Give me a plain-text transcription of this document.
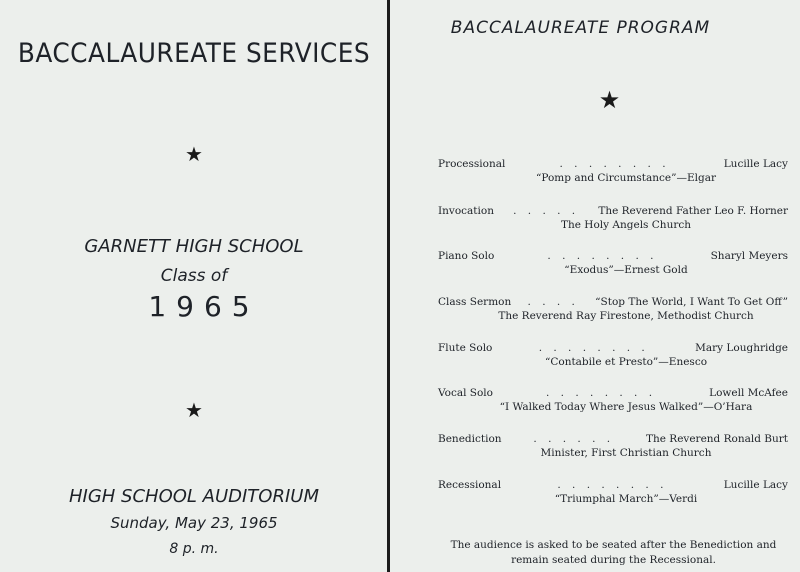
BACCALAUREATE SERVICES
★
GARNETT HIGH SCHOOL
Class of
1965
★
HIGH SCHOOL AUDITORIUM
Sunday, May 23, 1965
8 p. m.
BACCALAUREATE PROGRAM
★
Processional	. . . . . . . .	Lucille Lacy
“Pomp and Circumstance”—Elgar
Invocation	. . . . .	The Reverend Father Leo F. Horner
The Holy Angels Church
Piano Solo	. . . . . . . .	Sharyl Meyers
“Exodus”—Ernest Gold
Class Sermon	. . . .	“Stop The World, I Want To Get Off”
The Reverend Ray Firestone, Methodist Church
Flute Solo	. . . . . . . .	Mary Loughridge
“Contabile et Presto”—Enesco
Vocal Solo	. . . . . . . .	Lowell McAfee
“I Walked Today Where Jesus Walked”—O’Hara
Benediction	. . . . . .	The Reverend Ronald Burt
Minister, First Christian Church
Recessional	. . . . . . . .	Lucille Lacy
“Triumphal March”—Verdi
The audience is asked to be seated after the Benediction and
remain seated during the Recessional.
